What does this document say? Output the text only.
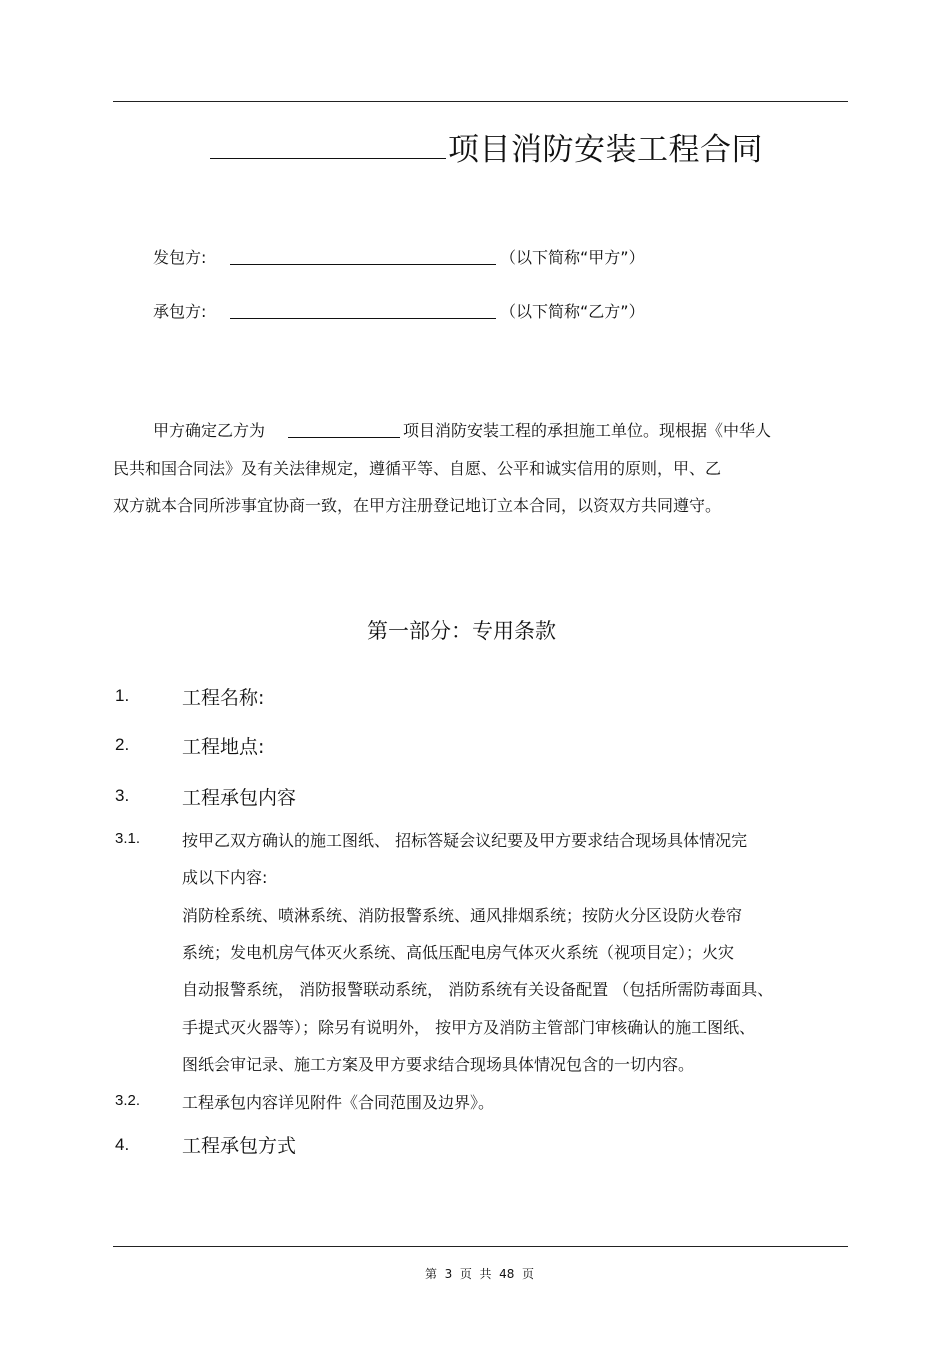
项目消防安装工程合同
发包方:	（以下简称“甲方”）
承包方:	（以下简称“乙方”）
甲方确定乙方为	项目消防安装工程的承担施工单位。现根据《中华人
民共和国合同法》及有关法律规定，遵循平等、自愿、公平和诚实信用的原则，甲、乙
双方就本合同所涉事宜协商一致，在甲方注册登记地订立本合同，以资双方共同遵守。
第一部分：专用条款
1.	工程名称:
2.	工程地点:
3.	工程承包内容
3.1.	按甲乙双方确认的施工图纸、 招标答疑会议纪要及甲方要求结合现场具体情况完
成以下内容:
消防栓系统、喷淋系统、消防报警系统、通风排烟系统；按防火分区设防火卷帘
系统；发电机房气体灭火系统、高低压配电房气体灭火系统（视项目定）；火灾
自动报警系统， 消防报警联动系统， 消防系统有关设备配置 （包括所需防毒面具、
手提式灭火器等）；除另有说明外， 按甲方及消防主管部门审核确认的施工图纸、
图纸会审记录、施工方案及甲方要求结合现场具体情况包含的一切内容。
3.2.	工程承包内容详见附件《合同范围及边界》。
4.	工程承包方式
第  3  页  共  48  页
